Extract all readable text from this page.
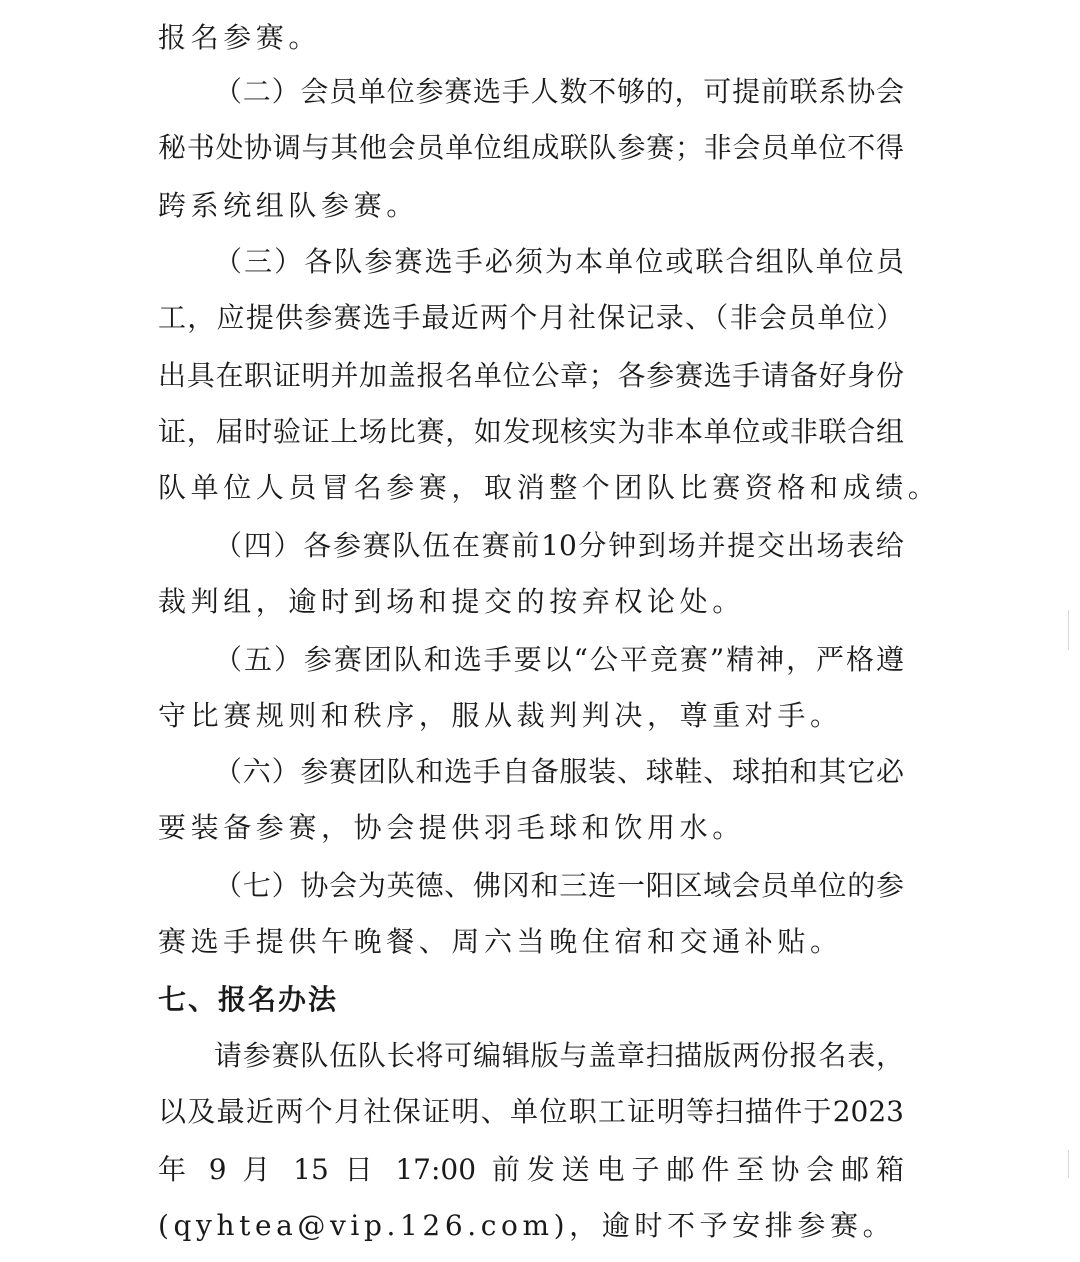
报名参赛。
（二）会员单位参赛选手人数不够的，可提前联系协会
秘书处协调与其他会员单位组成联队参赛；非会员单位不得
跨系统组队参赛。
（三）各队参赛选手必须为本单位或联合组队单位员
工，应提供参赛选手最近两个月社保记录、（非会员单位）
出具在职证明并加盖报名单位公章；各参赛选手请备好身份
证，届时验证上场比赛，如发现核实为非本单位或非联合组
队单位人员冒名参赛，取消整个团队比赛资格和成绩。
（四）各参赛队伍在赛前10分钟到场并提交出场表给
裁判组，逾时到场和提交的按弃权论处。
（五）参赛团队和选手要以“公平竞赛”精神，严格遵
守比赛规则和秩序，服从裁判判决，尊重对手。
（六）参赛团队和选手自备服装、球鞋、球拍和其它必
要装备参赛，协会提供羽毛球和饮用水。
（七）协会为英德、佛冈和三连一阳区域会员单位的参
赛选手提供午晚餐、周六当晚住宿和交通补贴。
七、报名办法
请参赛队伍队长将可编辑版与盖章扫描版两份报名表，
以及最近两个月社保证明、单位职工证明等扫描件于2023
年 9 月 15 日 17:00 前发送电子邮件至协会邮箱
(qyhtea@vip.126.com)，逾时不予安排参赛。
